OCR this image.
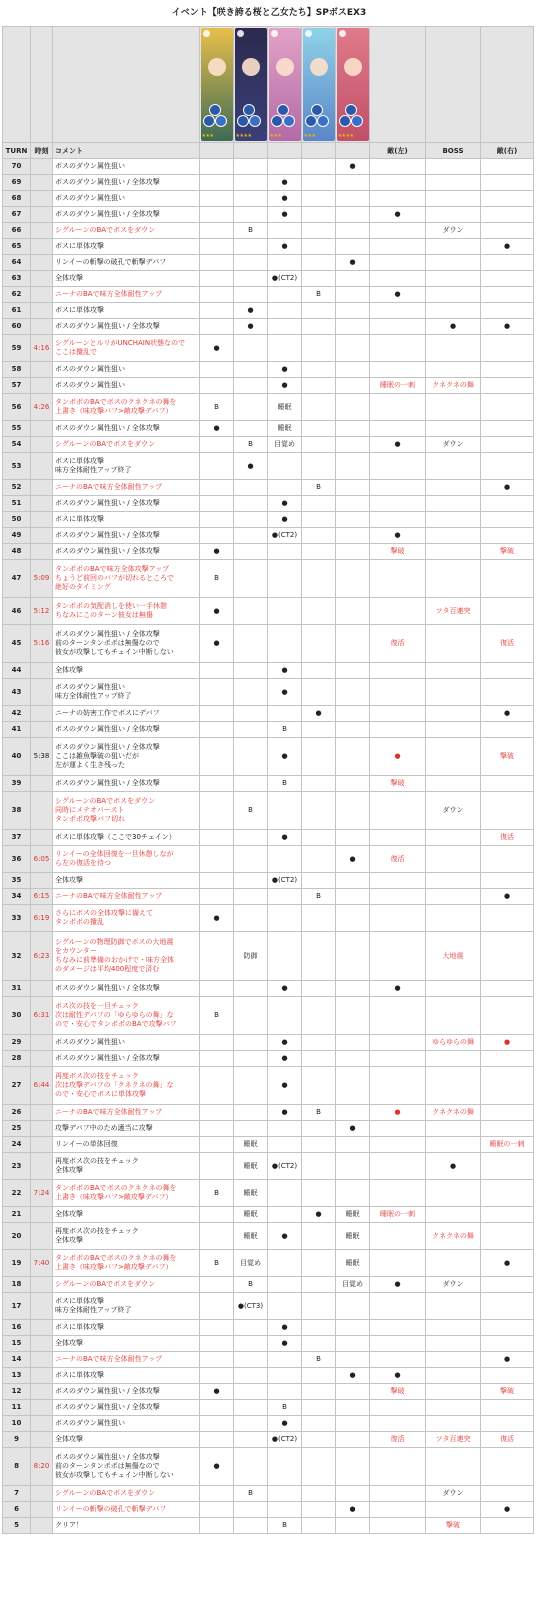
イベント【咲き誇る桜と乙女たち】SPボスEX3

			★★★	★★★★	★★★	★★★	★★★★			

TURN	時刻	コメント						敵(左)	BOSS	敵(右)
70		ボスのダウン属性狙い					●			
69		ボスのダウン属性狙い / 全体攻撃			●					
68		ボスのダウン属性狙い			●					
67		ボスのダウン属性狙い / 全体攻撃			●			●		
66		シグルーンのBAでボスをダウン		B					ダウン	
65		ボスに単体攻撃			●					●
64		リンイーの斬撃の破孔で斬撃デバフ					●			
63		全体攻撃			●(CT2)					
62		ニーナのBAで味方全体耐性アップ				B		●		
61		ボスに単体攻撃		●						
60		ボスのダウン属性狙い / 全体攻撃		●					●	●
59	4:16	シグルーンとルリがUNCHAIN状態なので
ここは攪乱で	●							
58		ボスのダウン属性狙い			●					
57		ボスのダウン属性狙い			●			睡眠の一刺	クネクネの舞	
56	4:26	タンポポのBAでボスのクネクネの舞を
上書き（味攻撃バフ>敵攻撃デバフ）	B		睡眠					
55		ボスのダウン属性狙い / 全体攻撃	●		睡眠					
54		シグルーンのBAでボスをダウン		B	目覚め			●	ダウン	
53		ボスに単体攻撃
味方全体耐性アップ終了		●						
52		ニーナのBAで味方全体耐性アップ				B				●
51		ボスのダウン属性狙い / 全体攻撃			●					
50		ボスに単体攻撃			●					
49		ボスのダウン属性狙い / 全体攻撃			●(CT2)			●		
48		ボスのダウン属性狙い / 全体攻撃	●					撃破		撃破
47	5:09	タンポポのBAで味方全体攻撃アップ
ちょうど前回のバフが切れるところで
絶好のタイミング	B							
46	5:12	タンポポの気配消しを使い一手休憩
ちなみにこのターン彼女は無傷	●						ツタ百連突	
45	5:16	ボスのダウン属性狙い / 全体攻撃
前のターンタンポポは無傷なので
彼女が攻撃してもチェイン中断しない	●					復活		復活
44		全体攻撃			●					
43		ボスのダウン属性狙い
味方全体耐性アップ終了			●					
42		ニーナの妨害工作でボスにデバフ				●				●
41		ボスのダウン属性狙い / 全体攻撃			B					
40	5:38	ボスのダウン属性狙い / 全体攻撃
ここは雑魚撃破の狙いだが
左が運よく生き残った			●			●		撃破
39		ボスのダウン属性狙い / 全体攻撃			B			撃破		
38		シグルーンのBAでボスをダウン
同時にメテオバースト
タンポポ攻撃バフ切れ		B					ダウン	
37		ボスに単体攻撃（ここで30チェイン）			●					復活
36	6:05	リンイーの全体回復を一旦休憩しなが
ら左の復活を待つ					●	復活		
35		全体攻撃			●(CT2)					
34	6:15	ニーナのBAで味方全体耐性アップ				B				●
33	6:19	さらにボスの全体攻撃に備えて
タンポポの攪乱	●							
32	6:23	シグルーンの物理防御でボスの大地震
をカウンター
ちなみに前準備のおかげで・味方全体
のダメージは平均400程度で済む		防御					大地震	
31		ボスのダウン属性狙い / 全体攻撃			●			●		
30	6:31	ボス次の技を一旦チェック
次は耐性デバフの「ゆらゆらの舞」な
ので・安心でタンポポのBAで攻撃バフ	B							
29		ボスのダウン属性狙い			●				ゆらゆらの舞	●
28		ボスのダウン属性狙い / 全体攻撃			●					
27	6:44	再度ボス次の技をチェック
次は攻撃デバフの「クネクネの舞」な
ので・安心でボスに単体攻撃			●					
26		ニーナのBAで味方全体耐性アップ			●	B		●	クネクネの舞	
25		攻撃デバフ中のため適当に攻撃					●			
24		リンイーの単体回復		睡眠						睡眠の一刺
23		再度ボス次の技をチェック
全体攻撃		睡眠	●(CT2)				●	
22	7:24	タンポポのBAでボスのクネクネの舞を
上書き（味攻撃バフ>敵攻撃デバフ）	B	睡眠						
21		全体攻撃		睡眠		●	睡眠	睡眠の一刺		
20		再度ボス次の技をチェック
全体攻撃		睡眠	●		睡眠		クネクネの舞	
19	7:40	タンポポのBAでボスのクネクネの舞を
上書き（味攻撃バフ>敵攻撃デバフ）	B	目覚め			睡眠			●
18		シグルーンのBAでボスをダウン		B			目覚め	●	ダウン	
17		ボスに単体攻撃
味方全体耐性アップ終了		●(CT3)						
16		ボスに単体攻撃			●					
15		全体攻撃			●					
14		ニーナのBAで味方全体耐性アップ				B				●
13		ボスに単体攻撃					●	●		
12		ボスのダウン属性狙い / 全体攻撃	●					撃破		撃破
11		ボスのダウン属性狙い / 全体攻撃			B					
10		ボスのダウン属性狙い			●					
9		全体攻撃			●(CT2)			復活	ツタ百連突	復活
8	8:20	ボスのダウン属性狙い / 全体攻撃
前のターンタンポポは無傷なので
彼女が攻撃してもチェイン中断しない	●							
7		シグルーンのBAでボスをダウン		B					ダウン	
6		リンイーの斬撃の破孔で斬撃デバフ					●			●
5		クリア！			B				撃破	
